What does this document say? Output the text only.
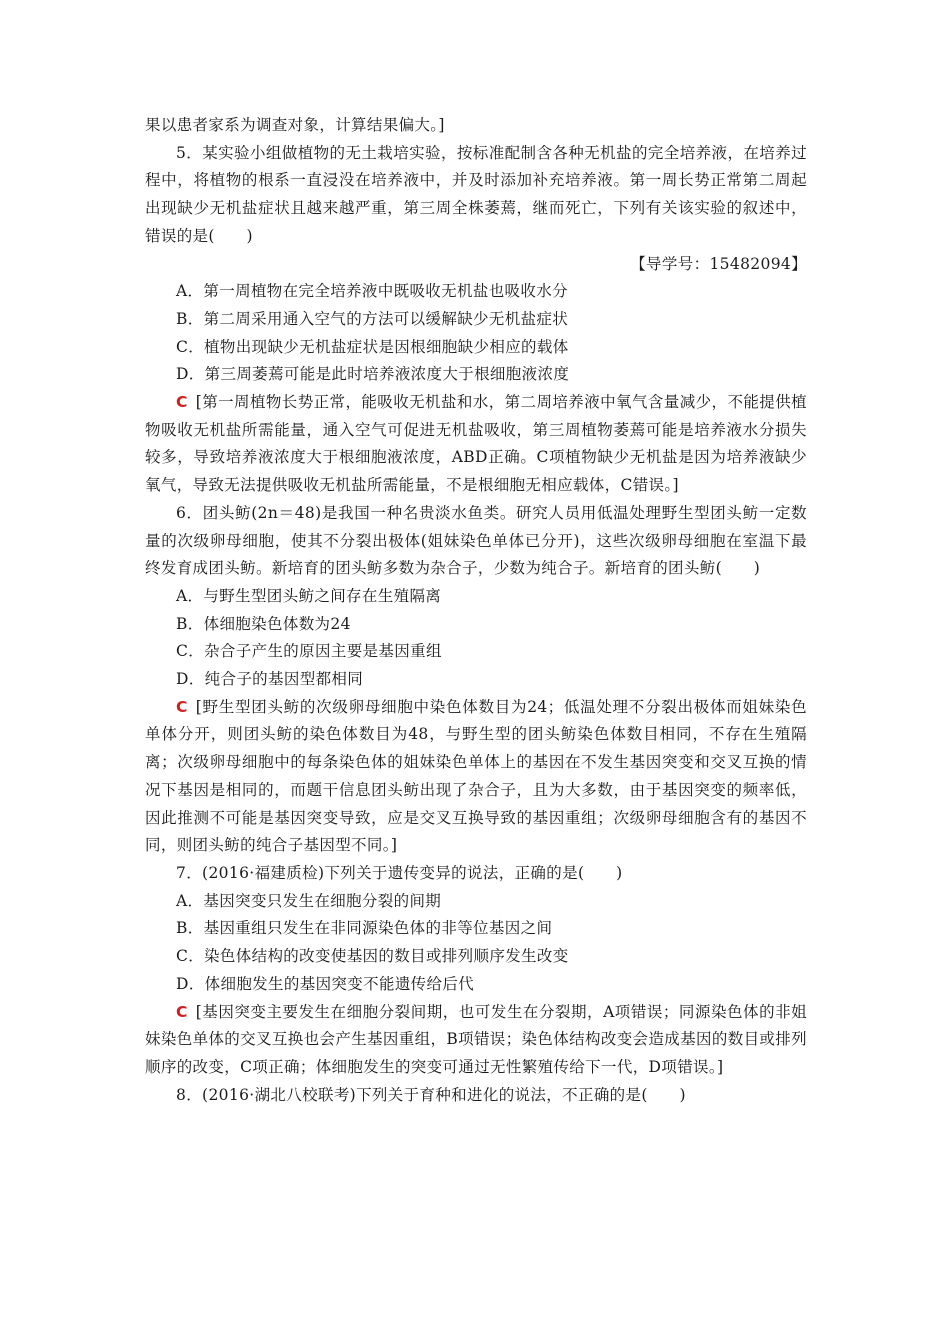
果以患者家系为调查对象，计算结果偏大。]

5．某实验小组做植物的无土栽培实验，按标准配制含各种无机盐的完全培养液，在培养过程中，将植物的根系一直浸没在培养液中，并及时添加补充培养液。第一周长势正常第二周起出现缺少无机盐症状且越来越严重，第三周全株萎蔫，继而死亡，下列有关该实验的叙述中，错误的是(　　)

【导学号：15482094】

A．第一周植物在完全培养液中既吸收无机盐也吸收水分

B．第二周采用通入空气的方法可以缓解缺少无机盐症状

C．植物出现缺少无机盐症状是因根细胞缺少相应的载体

D．第三周萎蔫可能是此时培养液浓度大于根细胞液浓度

C [第一周植物长势正常，能吸收无机盐和水，第二周培养液中氧气含量减少，不能提供植物吸收无机盐所需能量，通入空气可促进无机盐吸收，第三周植物萎蔫可能是培养液水分损失较多，导致培养液浓度大于根细胞液浓度，ABD正确。C项植物缺少无机盐是因为培养液缺少氧气，导致无法提供吸收无机盐所需能量，不是根细胞无相应载体，C错误。]

6．团头鲂(2n＝48)是我国一种名贵淡水鱼类。研究人员用低温处理野生型团头鲂一定数量的次级卵母细胞，使其不分裂出极体(姐妹染色单体已分开)，这些次级卵母细胞在室温下最终发育成团头鲂。新培育的团头鲂多数为杂合子，少数为纯合子。新培育的团头鲂(　　)

A．与野生型团头鲂之间存在生殖隔离

B．体细胞染色体数为24

C．杂合子产生的原因主要是基因重组

D．纯合子的基因型都相同

C [野生型团头鲂的次级卵母细胞中染色体数目为24；低温处理不分裂出极体而姐妹染色单体分开，则团头鲂的染色体数目为48，与野生型的团头鲂染色体数目相同，不存在生殖隔离；次级卵母细胞中的每条染色体的姐妹染色单体上的基因在不发生基因突变和交叉互换的情况下基因是相同的，而题干信息团头鲂出现了杂合子，且为大多数，由于基因突变的频率低，因此推测不可能是基因突变导致，应是交叉互换导致的基因重组；次级卵母细胞含有的基因不同，则团头鲂的纯合子基因型不同。]

7．(2016·福建质检)下列关于遗传变异的说法，正确的是(　　)

A．基因突变只发生在细胞分裂的间期

B．基因重组只发生在非同源染色体的非等位基因之间

C．染色体结构的改变使基因的数目或排列顺序发生改变

D．体细胞发生的基因突变不能遗传给后代

C [基因突变主要发生在细胞分裂间期，也可发生在分裂期，A项错误；同源染色体的非姐妹染色单体的交叉互换也会产生基因重组，B项错误；染色体结构改变会造成基因的数目或排列顺序的改变，C项正确；体细胞发生的突变可通过无性繁殖传给下一代，D项错误。]

8．(2016·湖北八校联考)下列关于育种和进化的说法，不正确的是(　　)
